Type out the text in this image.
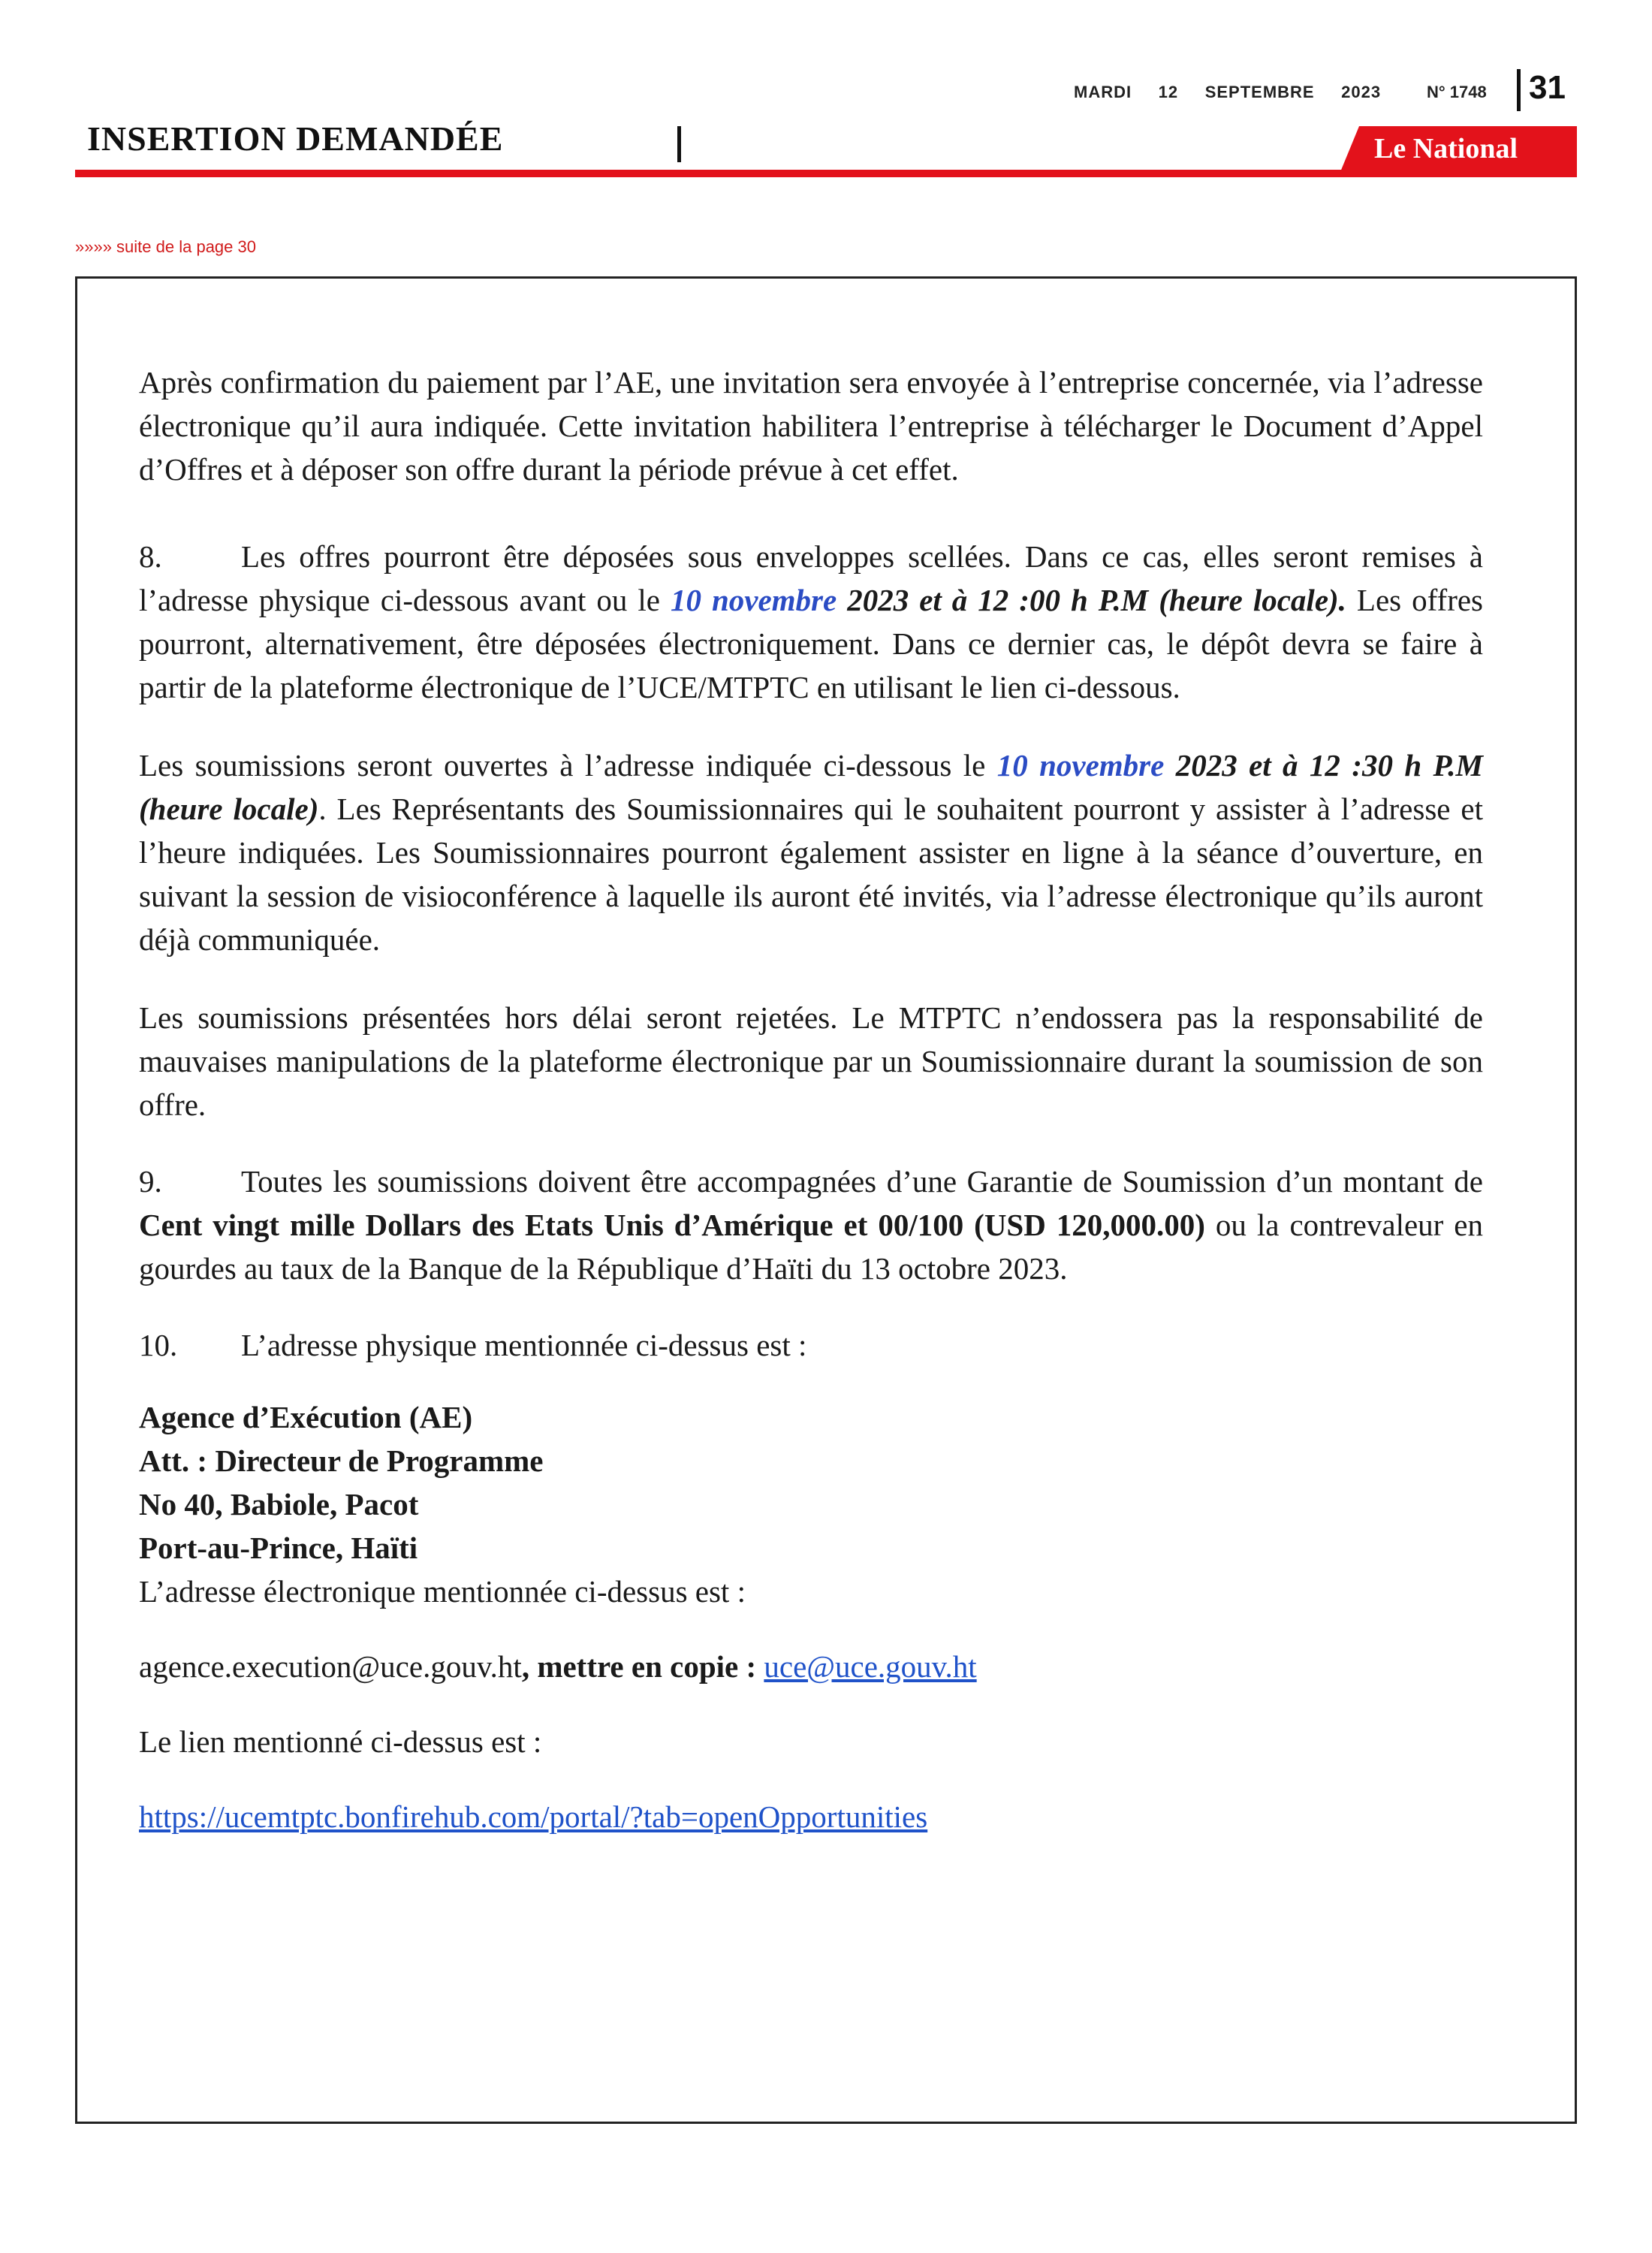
MARDI     12     SEPTEMBRE     2023	N° 1748 31
INSERTION DEMANDÉE	Le National
»»»» suite de la page 30

Après confirmation du paiement par l’AE, une invitation sera envoyée à l’entreprise concernée, via l’adresse électronique qu’il aura indiquée. Cette invitation habilitera l’entreprise à télécharger le Document d’Appel d’Offres et à déposer son offre durant la période prévue à cet effet.

8.	Les offres pourront être déposées sous enveloppes scellées. Dans ce cas, elles seront remises à l’adresse physique ci-dessous avant ou le 10 novembre 2023 et à 12 :00 h P.M (heure locale). Les offres pourront, alternativement, être déposées électroniquement. Dans ce dernier cas, le dépôt devra se faire à partir de la plateforme électronique de l’UCE/MTPTC en utilisant le lien ci-dessous.

Les soumissions seront ouvertes à l’adresse indiquée ci-dessous le 10 novembre 2023 et à 12 :30 h P.M (heure locale). Les Représentants des Soumissionnaires qui le souhaitent pourront y assister à l’adresse et l’heure indiquées. Les Soumissionnaires pourront également assister en ligne à la séance d’ouverture, en suivant la session de visioconférence à laquelle ils auront été invités, via l’adresse électronique qu’ils auront déjà communiquée.

Les soumissions présentées hors délai seront rejetées. Le MTPTC n’endossera pas la responsabilité de mauvaises manipulations de la plateforme électronique par un Soumissionnaire durant la soumission de son offre.

9.	Toutes les soumissions doivent être accompagnées d’une Garantie de Soumission d’un montant de Cent vingt mille Dollars des Etats Unis d’Amérique et 00/100 (USD 120,000.00) ou la contrevaleur en gourdes au taux de la Banque de la République d’Haïti du 13 octobre 2023.

10. L’adresse physique mentionnée ci-dessus est :

Agence d’Exécution (AE)

Att. : Directeur de Programme

No 40, Babiole, Pacot

Port-au-Prince, Haïti

L’adresse électronique mentionnée ci-dessus est :

agence.execution@uce.gouv.ht, mettre en copie : uce@uce.gouv.ht

Le lien mentionné ci-dessus est :

https://ucemtptc.bonfirehub.com/portal/?tab=openOpportunities
